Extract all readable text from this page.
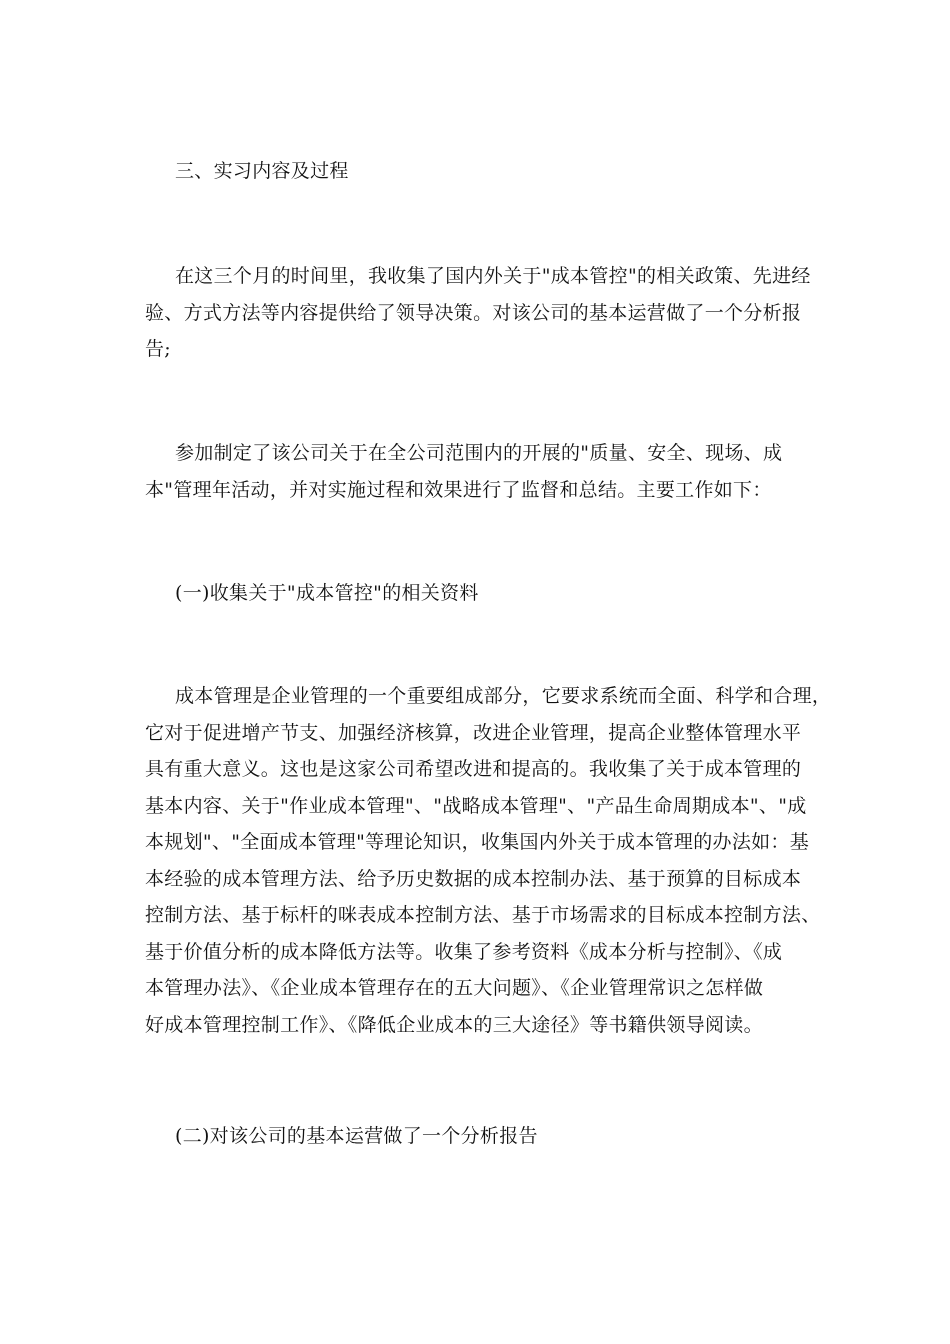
三、实习内容及过程
在这三个月的时间里，我收集了国内外关于"成本管控"的相关政策、先进经
验、方式方法等内容提供给了领导决策。对该公司的基本运营做了一个分析报
告;
参加制定了该公司关于在全公司范围内的开展的"质量、安全、现场、成
本"管理年活动，并对实施过程和效果进行了监督和总结。主要工作如下：
(一)收集关于"成本管控"的相关资料
成本管理是企业管理的一个重要组成部分，它要求系统而全面、科学和合理，
它对于促进增产节支、加强经济核算，改进企业管理，提高企业整体管理水平
具有重大意义。这也是这家公司希望改进和提高的。我收集了关于成本管理的
基本内容、关于"作业成本管理"、"战略成本管理"、"产品生命周期成本"、"成
本规划"、"全面成本管理"等理论知识，收集国内外关于成本管理的办法如：基
本经验的成本管理方法、给予历史数据的成本控制办法、基于预算的目标成本
控制方法、基于标杆的咪表成本控制方法、基于市场需求的目标成本控制方法、
基于价值分析的成本降低方法等。收集了参考资料《成本分析与控制》、《成
本管理办法》、《企业成本管理存在的五大问题》、《企业管理常识之怎样做
好成本管理控制工作》、《降低企业成本的三大途径》等书籍供领导阅读。
(二)对该公司的基本运营做了一个分析报告
